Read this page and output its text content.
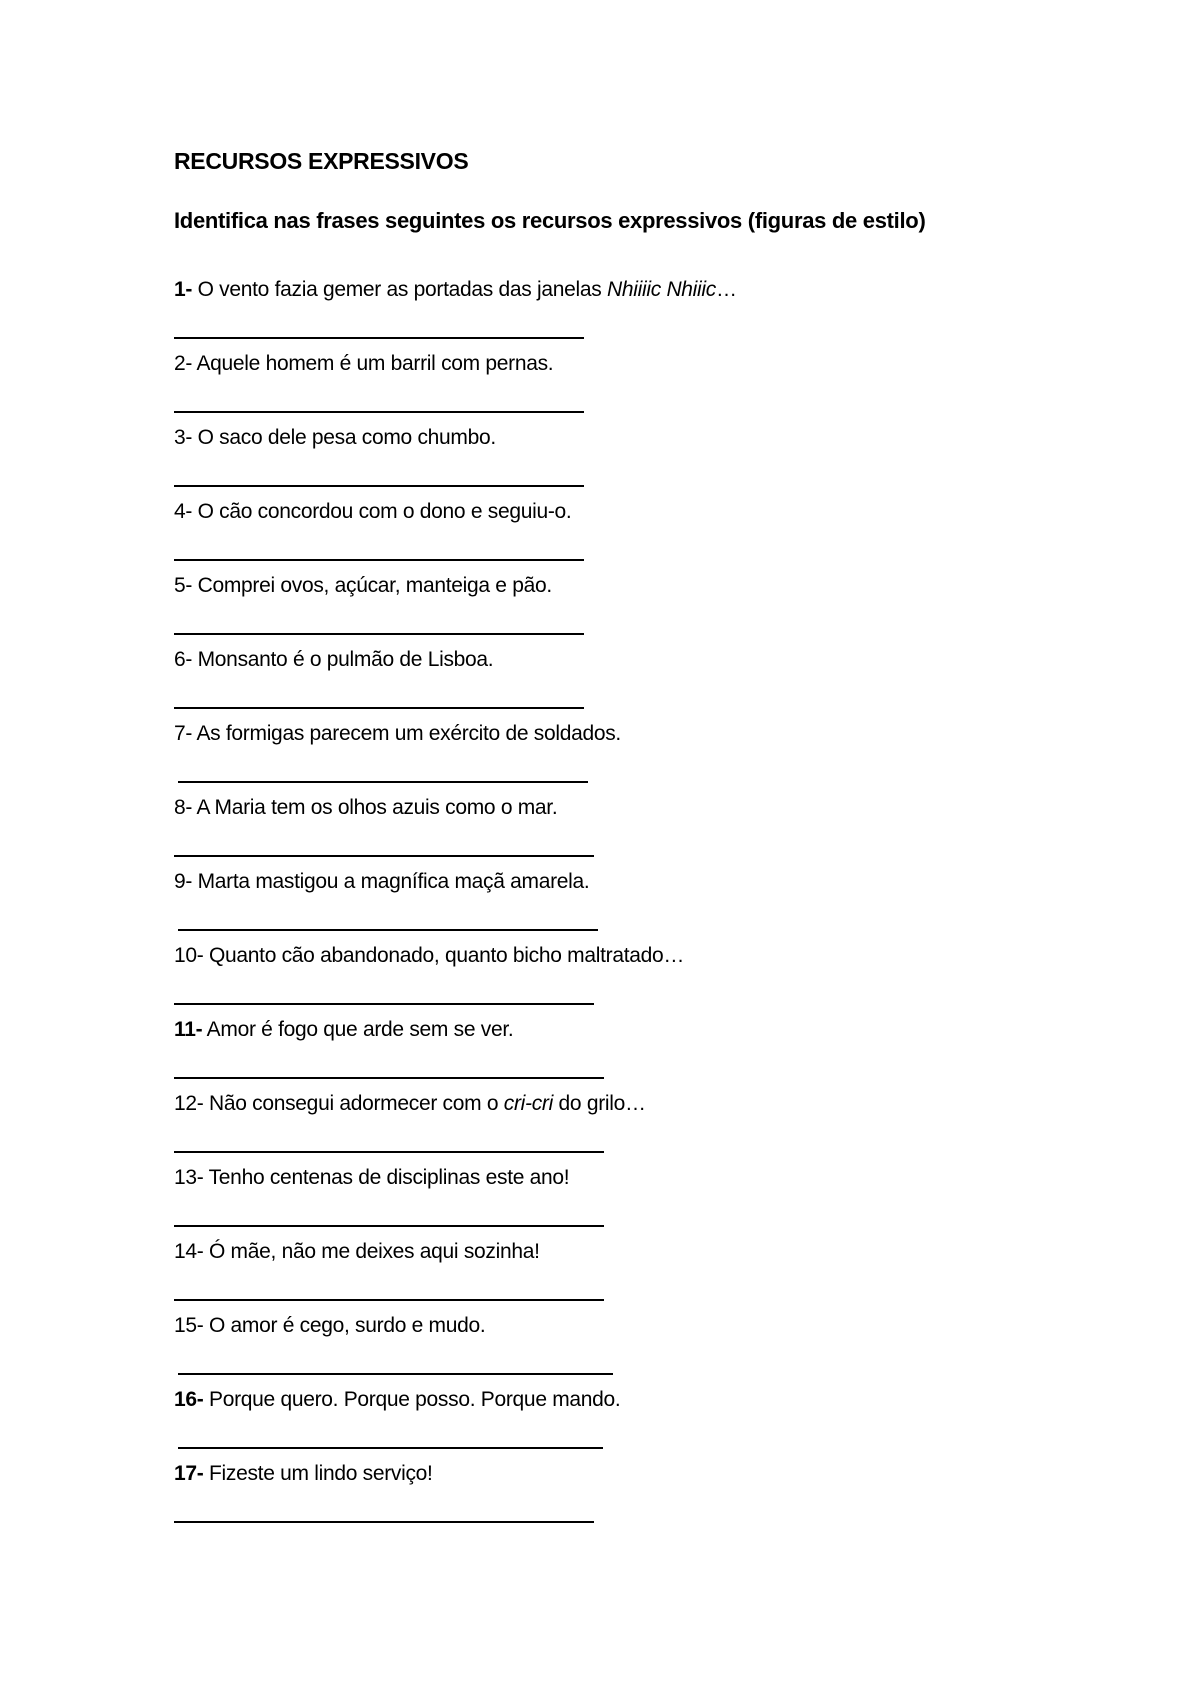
RECURSOS EXPRESSIVOS
Identifica nas frases seguintes os recursos expressivos (figuras de estilo)
1- O vento fazia gemer as portadas das janelas Nhiiiic Nhiiic…
2- Aquele homem é um barril com pernas.
3- O saco dele pesa como chumbo.
4- O cão concordou com o dono e seguiu-o.
5- Comprei ovos, açúcar, manteiga e pão.
6- Monsanto é o pulmão de Lisboa.
7- As formigas parecem um exército de soldados.
8- A Maria tem os olhos azuis como o mar.
9- Marta mastigou a magnífica maçã amarela.
10- Quanto cão abandonado, quanto bicho maltratado…
11- Amor é fogo que arde sem se ver.
12- Não consegui adormecer com o cri-cri do grilo…
13- Tenho centenas de disciplinas este ano!
14- Ó mãe, não me deixes aqui sozinha!
15- O amor é cego, surdo e mudo.
16- Porque quero. Porque posso. Porque mando.
17- Fizeste um lindo serviço!
